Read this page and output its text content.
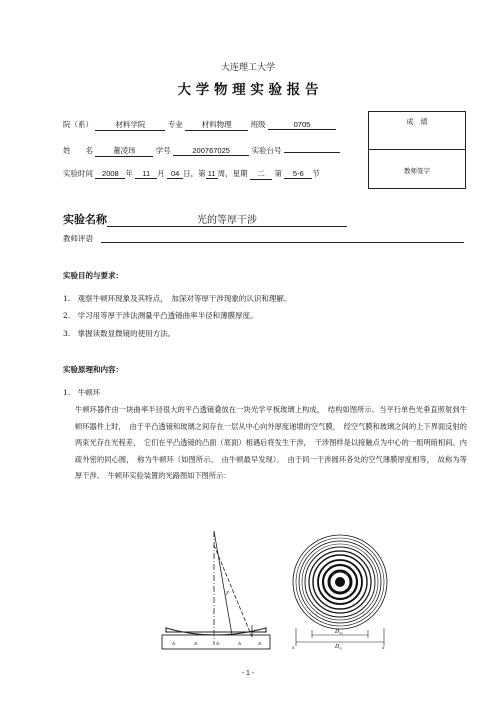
大连理工大学
大 学 物 理 实 验 报 告
院（系）	材料学院	专业	材料物理	班级	0705
姓　　名	董凌玮	学号	200767025	实验台号
实验时间 2008 年 11 月 04 日，第 11 周，星期 二 第 5-6 节
成　绩
教师签字
实验名称	光的等厚干涉
教师评语
实验目的与要求：
1.　观察牛顿环现象及其特点，　加深对等厚干涉现象的认识和理解。
2.　学习用等厚干涉法测量平凸透镜曲率半径和薄膜厚度。
3.　掌握读数显微镜的使用方法。
实验原理和内容：
1.　牛顿环
牛顿环器件由一块曲率半径很大的平凸透镜叠放在一块光学平板玻璃上构成，　结构如图所示。当平行单色光垂直照射到牛顿环器件上时，　由于平凸透镜和玻璃之间存在一层从中心向外厚度递增的空气膜，　经空气膜和玻璃之间的上下界面反射的两束光存在光程差，　它们在平凸透镜的凸面（底面）相遇后将发生干涉，　干涉图样是以接触点为中心的一组明暗相间、内疏外密的同心圆，　称为牛顿环（如图所示。　由牛顿最早发现）。　由于同一干涉圆环各处的空气薄膜厚度相等，　故称为等厚干涉。　牛顿环实验装置的光路图如下图所示：
r
⁂	⁂	⁂	⁂	⁂
$D_m$
$D_n$
x	x
- 1 -
